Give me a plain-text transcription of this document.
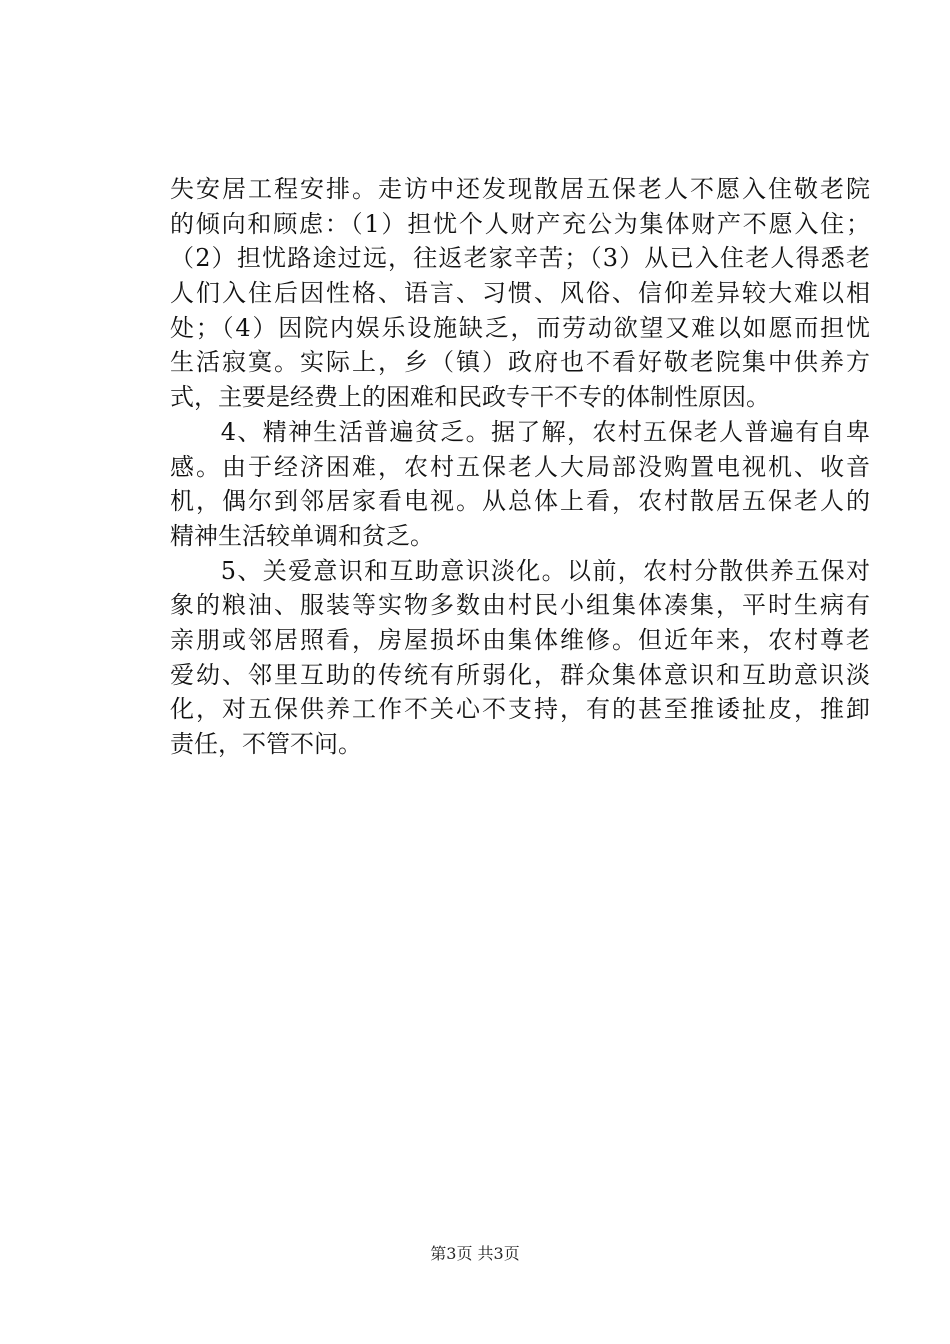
失安居工程安排。走访中还发现散居五保老人不愿入住敬老院
的倾向和顾虑：（1）担忧个人财产充公为集体财产不愿入住；
（2）担忧路途过远，往返老家辛苦；（3）从已入住老人得悉老
人们入住后因性格、语言、习惯、风俗、信仰差异较大难以相
处；（4）因院内娱乐设施缺乏，而劳动欲望又难以如愿而担忧
生活寂寞。实际上，乡（镇）政府也不看好敬老院集中供养方
式，主要是经费上的困难和民政专干不专的体制性原因。
　　4、精神生活普遍贫乏。据了解，农村五保老人普遍有自卑
感。由于经济困难，农村五保老人大局部没购置电视机、收音
机，偶尔到邻居家看电视。从总体上看，农村散居五保老人的
精神生活较单调和贫乏。
　　5、关爱意识和互助意识淡化。以前，农村分散供养五保对
象的粮油、服装等实物多数由村民小组集体凑集，平时生病有
亲朋或邻居照看，房屋损坏由集体维修。但近年来，农村尊老
爱幼、邻里互助的传统有所弱化，群众集体意识和互助意识淡
化，对五保供养工作不关心不支持，有的甚至推诿扯皮，推卸
责任，不管不问。
第3页 共3页
